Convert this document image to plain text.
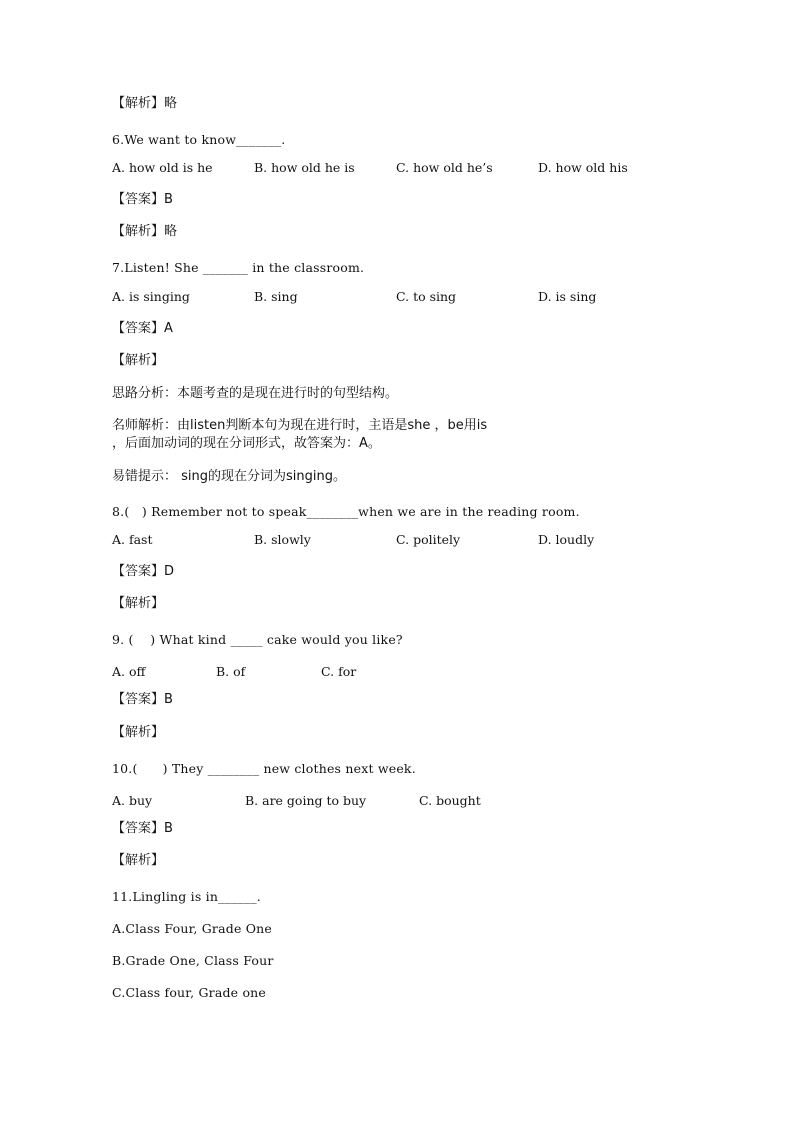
【解析】略
6.We want to know_______.

A. how old is he

	B. how old he is

	C. how old he’s

	D. how old his

【答案】B
【解析】略
7.Listen! She _______ in the classroom.

A. is singing

	B. sing

	C. to sing

	D. is sing

【答案】A
【解析】
思路分析：本题考查的是现在进行时的句型结构。
名师解析：由listen判断本句为现在进行时，主语是she ，be用is
，后面加动词的现在分词形式，故答案为：A。
易错提示： sing的现在分词为singing。
8.(   ) Remember not to speak________when we are in the reading room.

A. fast

	B. slowly

	C. politely

	D. loudly

【答案】D
【解析】
9. (    ) What kind _____ cake would you like?

A. off

	B. of

	C. for

【答案】B
【解析】
10.(      ) They ________ new clothes next week.

A. buy

	B. are going to buy

	C. bought

【答案】B
【解析】
11.Lingling is in______.
A.Class Four, Grade One
B.Grade One, Class Four
C.Class four, Grade one
